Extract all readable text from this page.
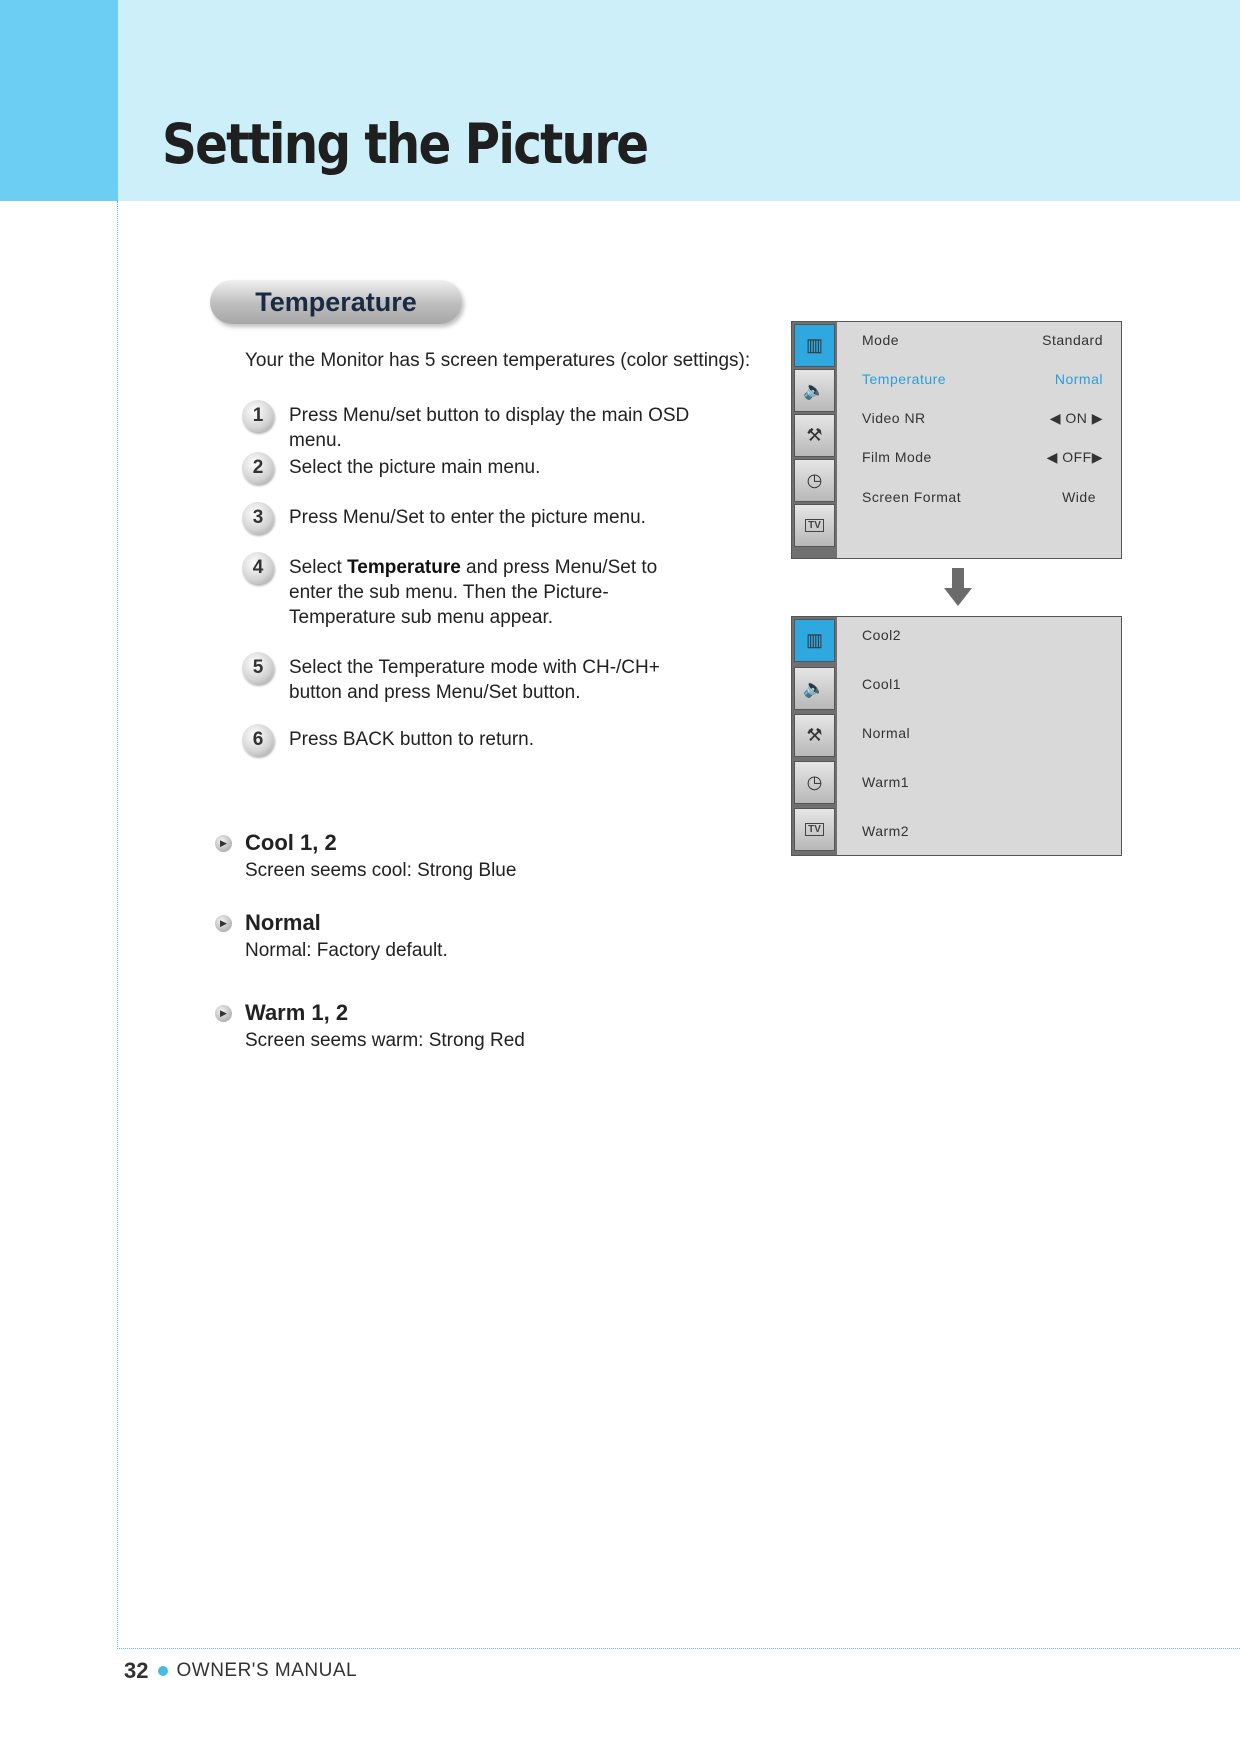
Setting the Picture
Temperature
Your the Monitor has 5 screen temperatures (color settings):
1	Press Menu/set button to display the main OSD menu.
2	Select the picture main menu.
3	Press Menu/Set to enter the picture menu.
4	Select Temperature and press Menu/Set to enter the sub menu. Then the Picture-Temperature sub menu appear.
5	Select the Temperature mode with CH-/CH+ button and press Menu/Set button.
6	Press BACK button to return.
▶ Cool 1, 2
Screen seems cool: Strong Blue
▶ Normal
Normal: Factory default.
▶ Warm 1, 2
Screen seems warm: Strong Red
▥
🔈
⚒
◷
TV
Mode	Standard
Temperature	Normal
Video NR	◀ ON ▶
Film Mode	◀ OFF▶
Screen Format	Wide
▥
🔈
⚒
◷
TV
Cool2
Cool1
Normal
Warm1
Warm2
32 OWNER'S MANUAL
